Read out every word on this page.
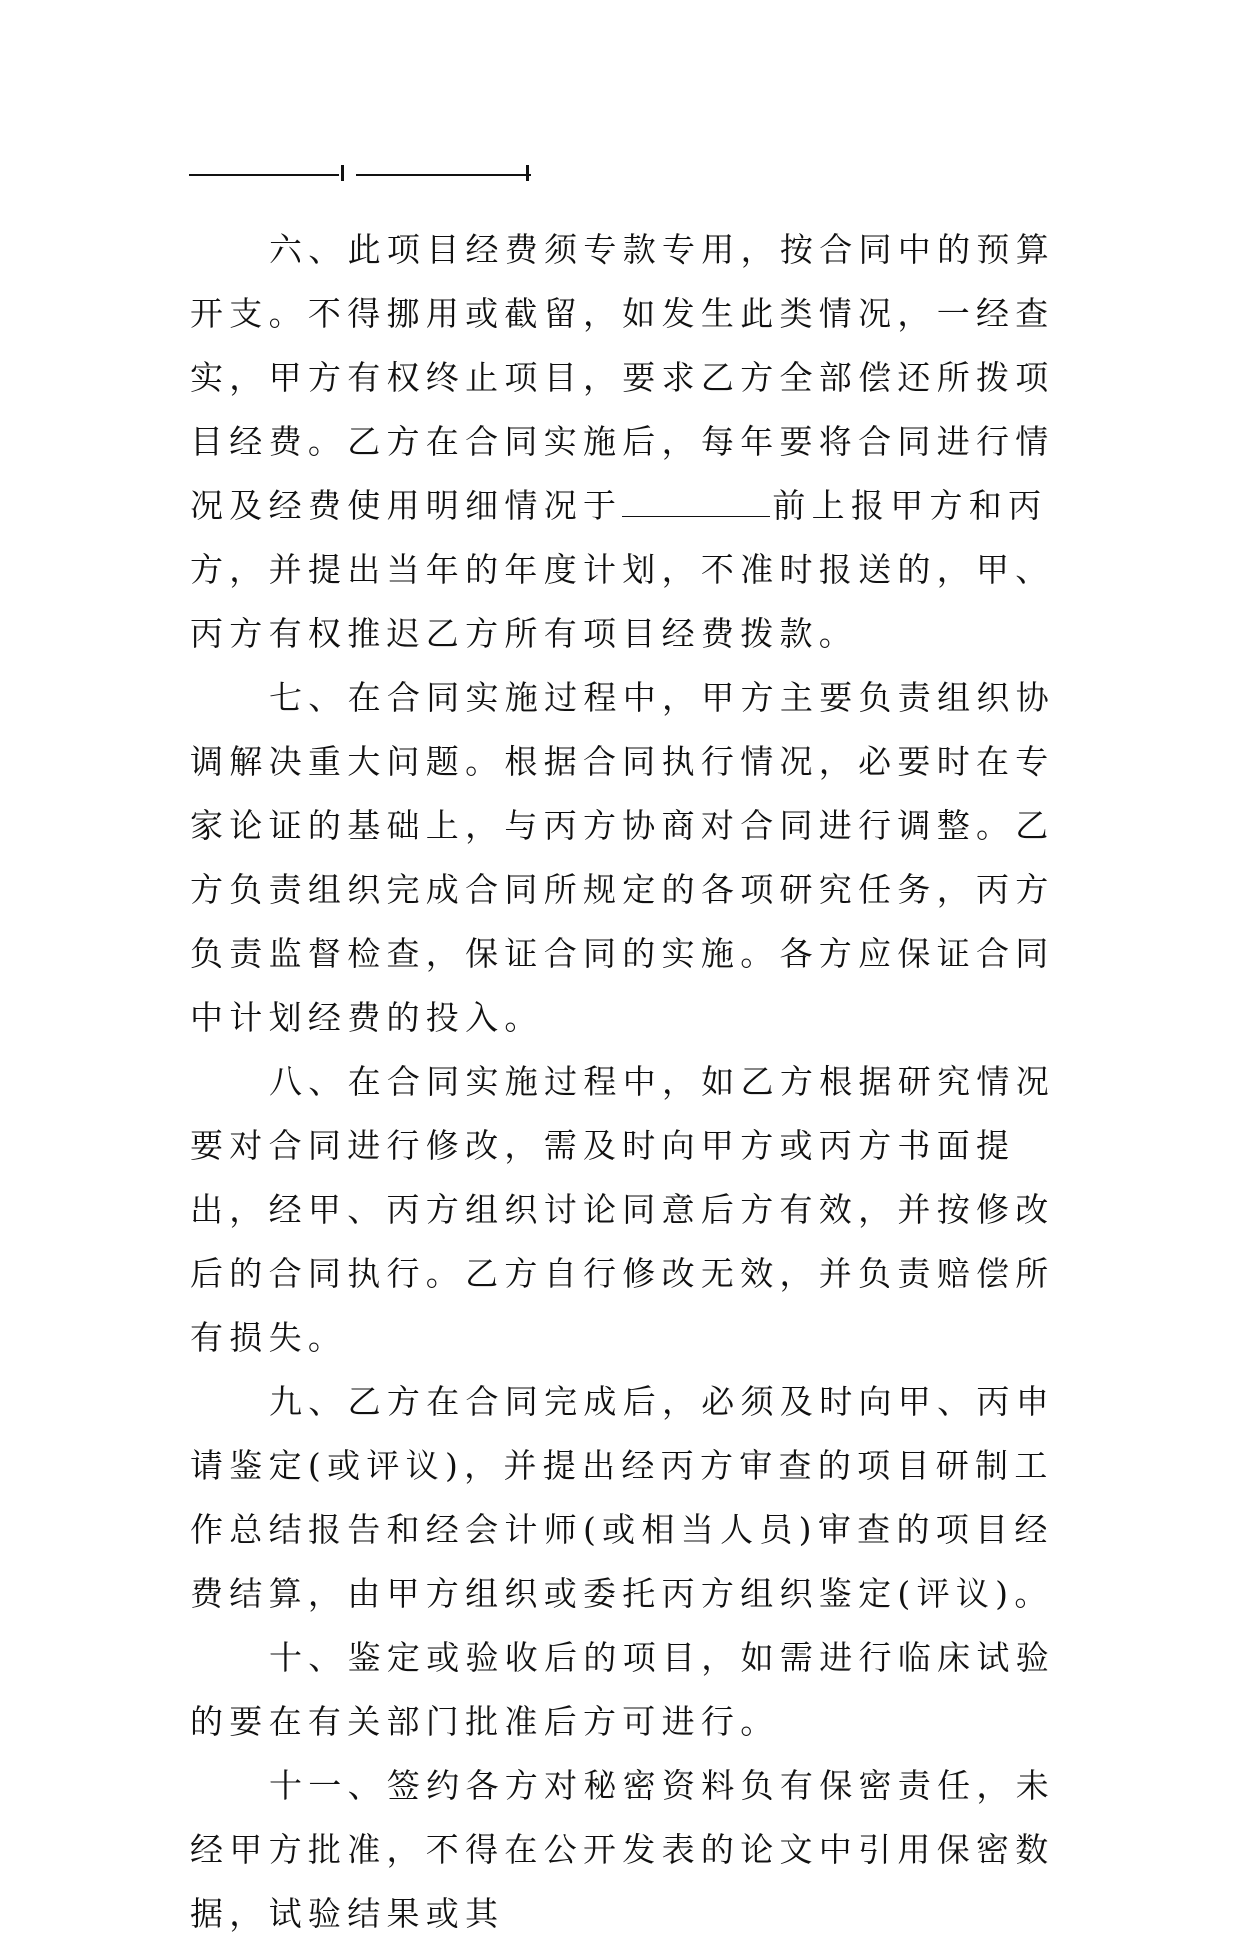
六、此项目经费须专款专用，按合同中的预算开支。不得挪用或截留，如发生此类情况，一经查实，甲方有权终止项目，要求乙方全部偿还所拨项目经费。乙方在合同实施后，每年要将合同进行情况及经费使用明细情况于	前上报甲方和丙方，并提出当年的年度计划，不准时报送的，甲、丙方有权推迟乙方所有项目经费拨款。

七、在合同实施过程中，甲方主要负责组织协调解决重大问题。根据合同执行情况，必要时在专家论证的基础上，与丙方协商对合同进行调整。乙方负责组织完成合同所规定的各项研究任务，丙方负责监督检查，保证合同的实施。各方应保证合同中计划经费的投入。

八、在合同实施过程中，如乙方根据研究情况要对合同进行修改，需及时向甲方或丙方书面提出，经甲、丙方组织讨论同意后方有效，并按修改后的合同执行。乙方自行修改无效，并负责赔偿所有损失。

九、乙方在合同完成后，必须及时向甲、丙申请鉴定(或评议)，并提出经丙方审查的项目研制工作总结报告和经会计师(或相当人员)审查的项目经费结算，由甲方组织或委托丙方组织鉴定(评议)。

十、鉴定或验收后的项目，如需进行临床试验的要在有关部门批准后方可进行。

十一、签约各方对秘密资料负有保密责任，未经甲方批准，不得在公开发表的论文中引用保密数据，试验结果或其
